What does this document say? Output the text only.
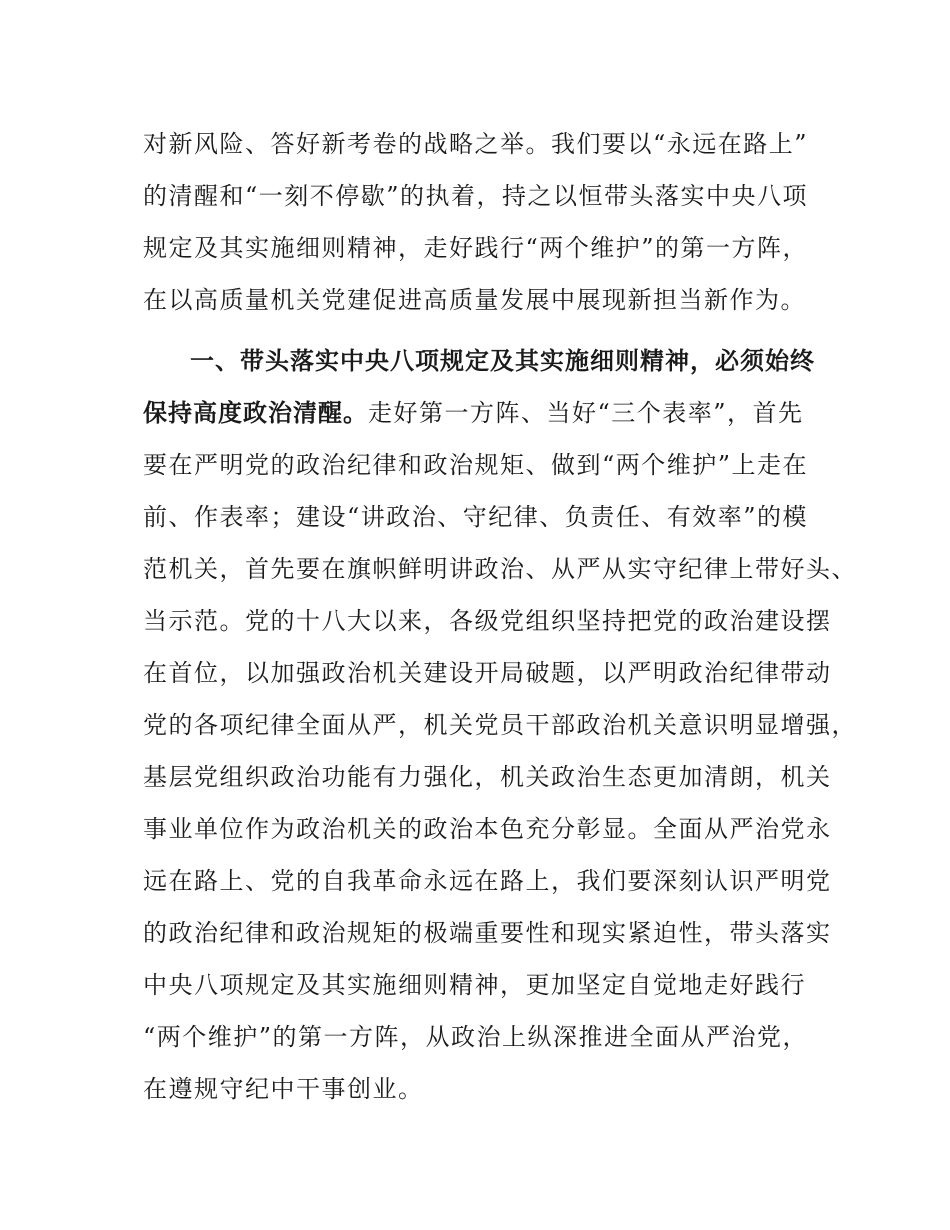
对新风险、答好新考卷的战略之举。我们要以“永远在路上”
的清醒和“一刻不停歇”的执着，持之以恒带头落实中央八项
规定及其实施细则精神，走好践行“两个维护”的第一方阵，
在以高质量机关党建促进高质量发展中展现新担当新作为。
一、带头落实中央八项规定及其实施细则精神，必须始终
保持高度政治清醒。走好第一方阵、当好“三个表率”，首先
要在严明党的政治纪律和政治规矩、做到“两个维护”上走在
前、作表率；建设“讲政治、守纪律、负责任、有效率”的模
范机关，首先要在旗帜鲜明讲政治、从严从实守纪律上带好头、
当示范。党的十八大以来，各级党组织坚持把党的政治建设摆
在首位，以加强政治机关建设开局破题，以严明政治纪律带动
党的各项纪律全面从严，机关党员干部政治机关意识明显增强，
基层党组织政治功能有力强化，机关政治生态更加清朗，机关
事业单位作为政治机关的政治本色充分彰显。全面从严治党永
远在路上、党的自我革命永远在路上，我们要深刻认识严明党
的政治纪律和政治规矩的极端重要性和现实紧迫性，带头落实
中央八项规定及其实施细则精神，更加坚定自觉地走好践行
“两个维护”的第一方阵，从政治上纵深推进全面从严治党，
在遵规守纪中干事创业。
